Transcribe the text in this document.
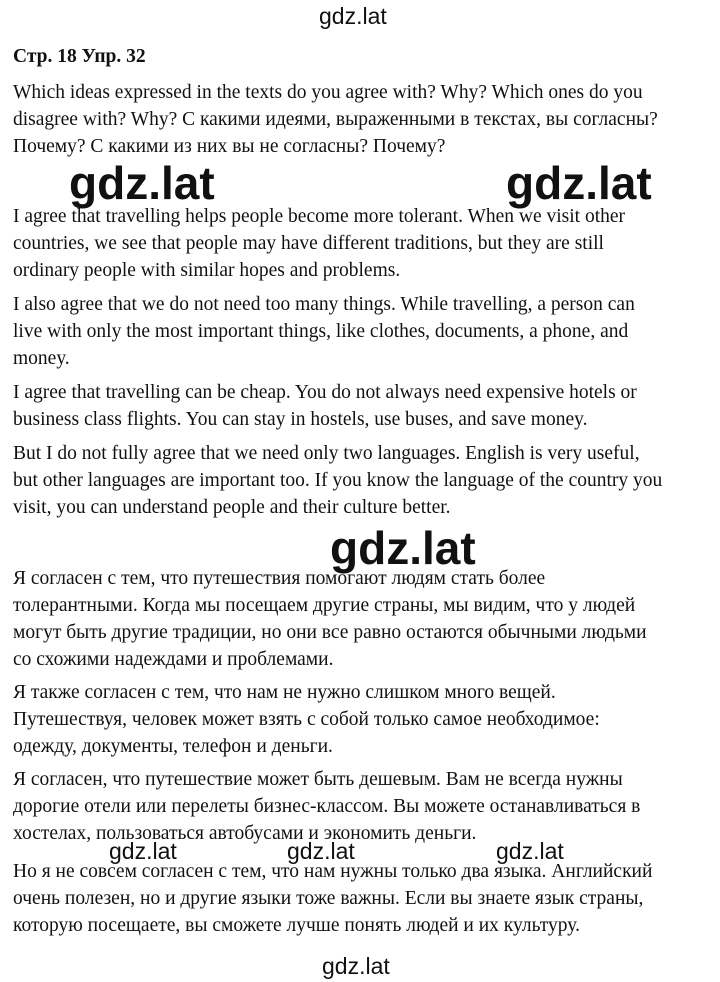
gdz.lat
Стр. 18 Упр. 32
Which ideas expressed in the texts do you agree with? Why? Which ones do you
disagree with? Why? С какими идеями, выраженными в текстах, вы согласны?
Почему? С какими из них вы не согласны? Почему?
gdz.lat	gdz.lat
I agree that travelling helps people become more tolerant. When we visit other
countries, we see that people may have different traditions, but they are still
ordinary people with similar hopes and problems.
I also agree that we do not need too many things. While travelling, a person can
live with only the most important things, like clothes, documents, a phone, and
money.
I agree that travelling can be cheap. You do not always need expensive hotels or
business class flights. You can stay in hostels, use buses, and save money.
But I do not fully agree that we need only two languages. English is very useful,
but other languages are important too. If you know the language of the country you
visit, you can understand people and their culture better.
gdz.lat
Я согласен с тем, что путешествия помогают людям стать более
толерантными. Когда мы посещаем другие страны, мы видим, что у людей
могут быть другие традиции, но они все равно остаются обычными людьми
со схожими надеждами и проблемами.
Я также согласен с тем, что нам не нужно слишком много вещей.
Путешествуя, человек может взять с собой только самое необходимое:
одежду, документы, телефон и деньги.
Я согласен, что путешествие может быть дешевым. Вам не всегда нужны
дорогие отели или перелеты бизнес-классом. Вы можете останавливаться в
хостелах, пользоваться автобусами и экономить деньги.
Но я не совсем согласен с тем, что нам нужны только два языка. Английский
очень полезен, но и другие языки тоже важны. Если вы знаете язык страны,
которую посещаете, вы сможете лучше понять людей и их культуру.
gdz.lat	gdz.lat	gdz.lat
gdz.lat
